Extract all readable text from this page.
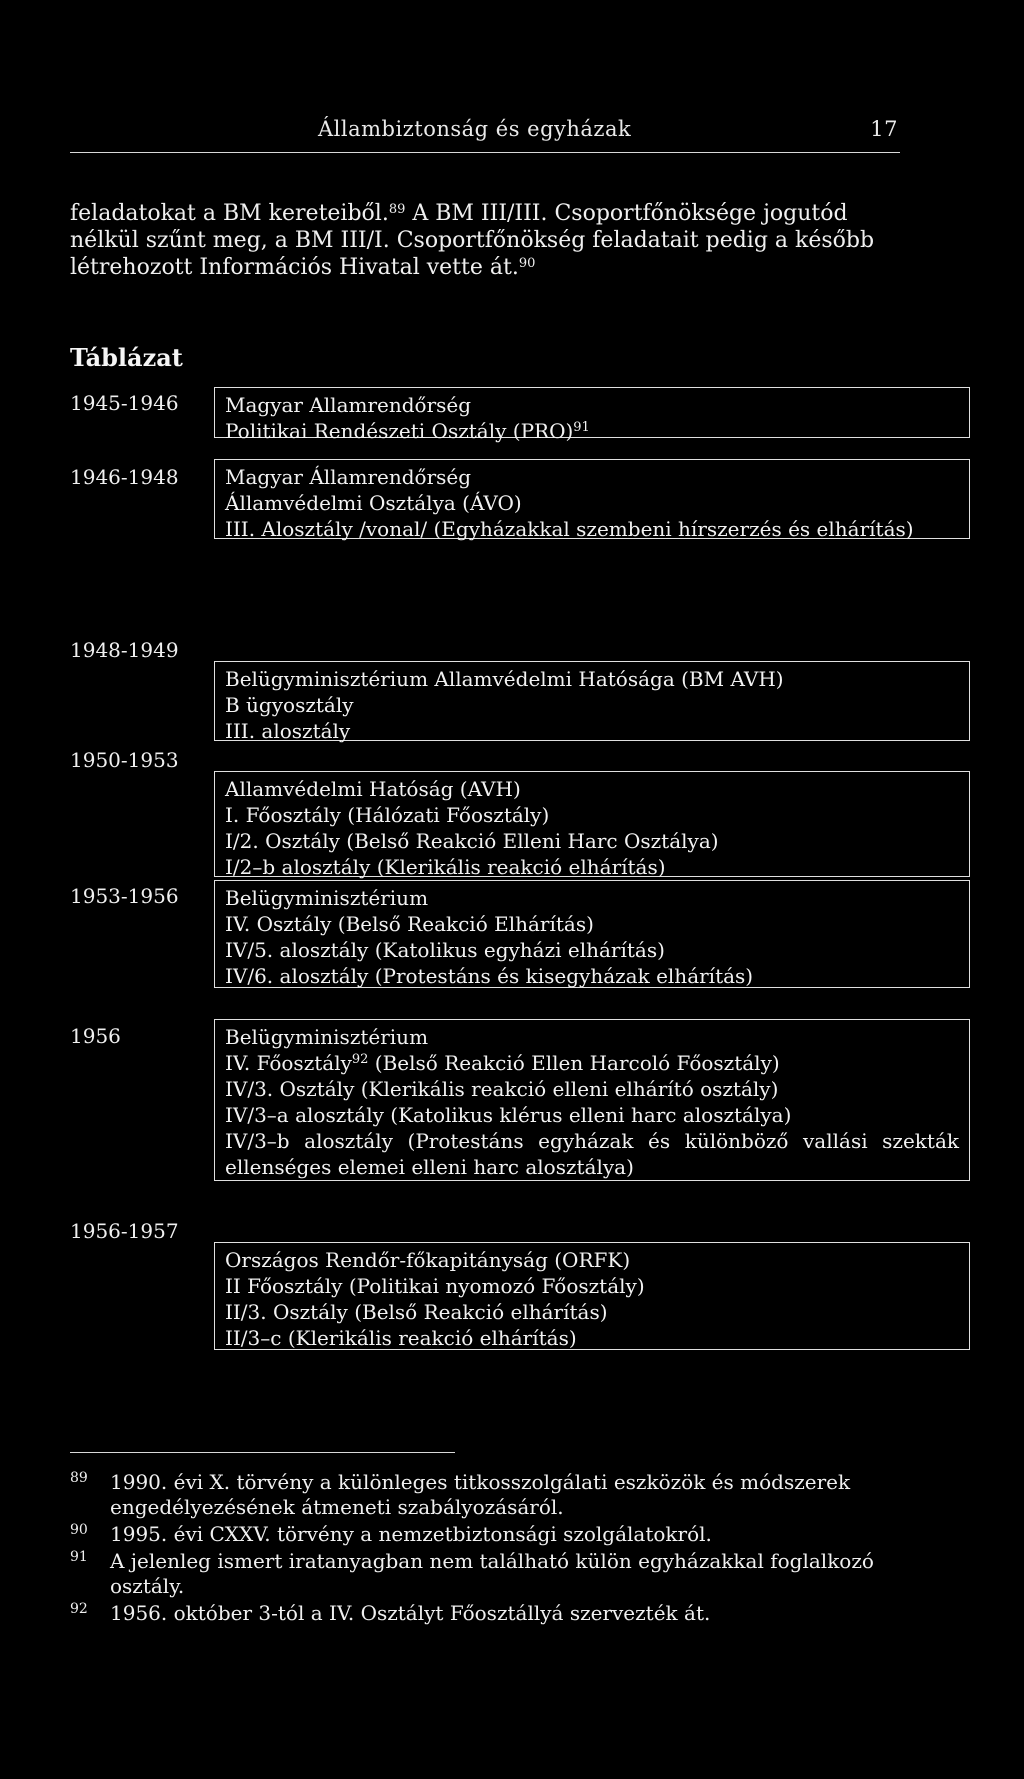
Állambiztonság és egyházak	17

feladatokat a BM kereteiből.$^{89}$ A BM III/III. Csoportfőnöksége jogutód nélkül szűnt meg, a BM III/I. Csoportfőnökség feladatait pedig a később létrehozott Információs Hivatal vette át.$^{90}$

Táblázat
1945-1946 Magyar Allamrendőrség
Politikai Rendészeti Osztály (PRO)$^{91}$
1946-1948 Magyar Államrendőrség
Államvédelmi Osztálya (ÁVO)
III. Alosztály /vonal/ (Egyházakkal szembeni hírszerzés és elhárítás)
1948-1949
Belügyminisztérium Allamvédelmi Hatósága (BM AVH)
B ügyosztály
III. alosztály
1950-1953
Allamvédelmi Hatóság (AVH)
I. Főosztály (Hálózati Főosztály)
I/2. Osztály (Belső Reakció Elleni Harc Osztálya)
I/2–b alosztály (Klerikális reakció elhárítás)
1953-1956 Belügyminisztérium
IV. Osztály (Belső Reakció Elhárítás)
IV/5. alosztály (Katolikus egyházi elhárítás)
IV/6. alosztály (Protestáns és kisegyházak elhárítás)
1956	Belügyminisztérium
IV. Főosztály$^{92}$ (Belső Reakció Ellen Harcoló Főosztály)
IV/3. Osztály (Klerikális reakció elleni elhárító osztály)
IV/3–a alosztály (Katolikus klérus elleni harc alosztálya)
IV/3–b alosztály (Protestáns egyházak és különböző vallási szekták ellenséges elemei elleni harc alosztálya)
1956-1957
Országos Rendőr-főkapitányság (ORFK)
II Főosztály (Politikai nyomozó Főosztály)
II/3. Osztály (Belső Reakció elhárítás)
II/3–c (Klerikális reakció elhárítás)

89 1990. évi X. törvény a különleges titkosszolgálati eszközök és módszerek engedélyezésének átmeneti szabályozásáról.

90 1995. évi CXXV. törvény a nemzetbiztonsági szolgálatokról.

91 A jelenleg ismert iratanyagban nem található külön egyházakkal foglalkozó osztály.

92 1956. október 3-tól a IV. Osztályt Főosztállyá szervezték át.
